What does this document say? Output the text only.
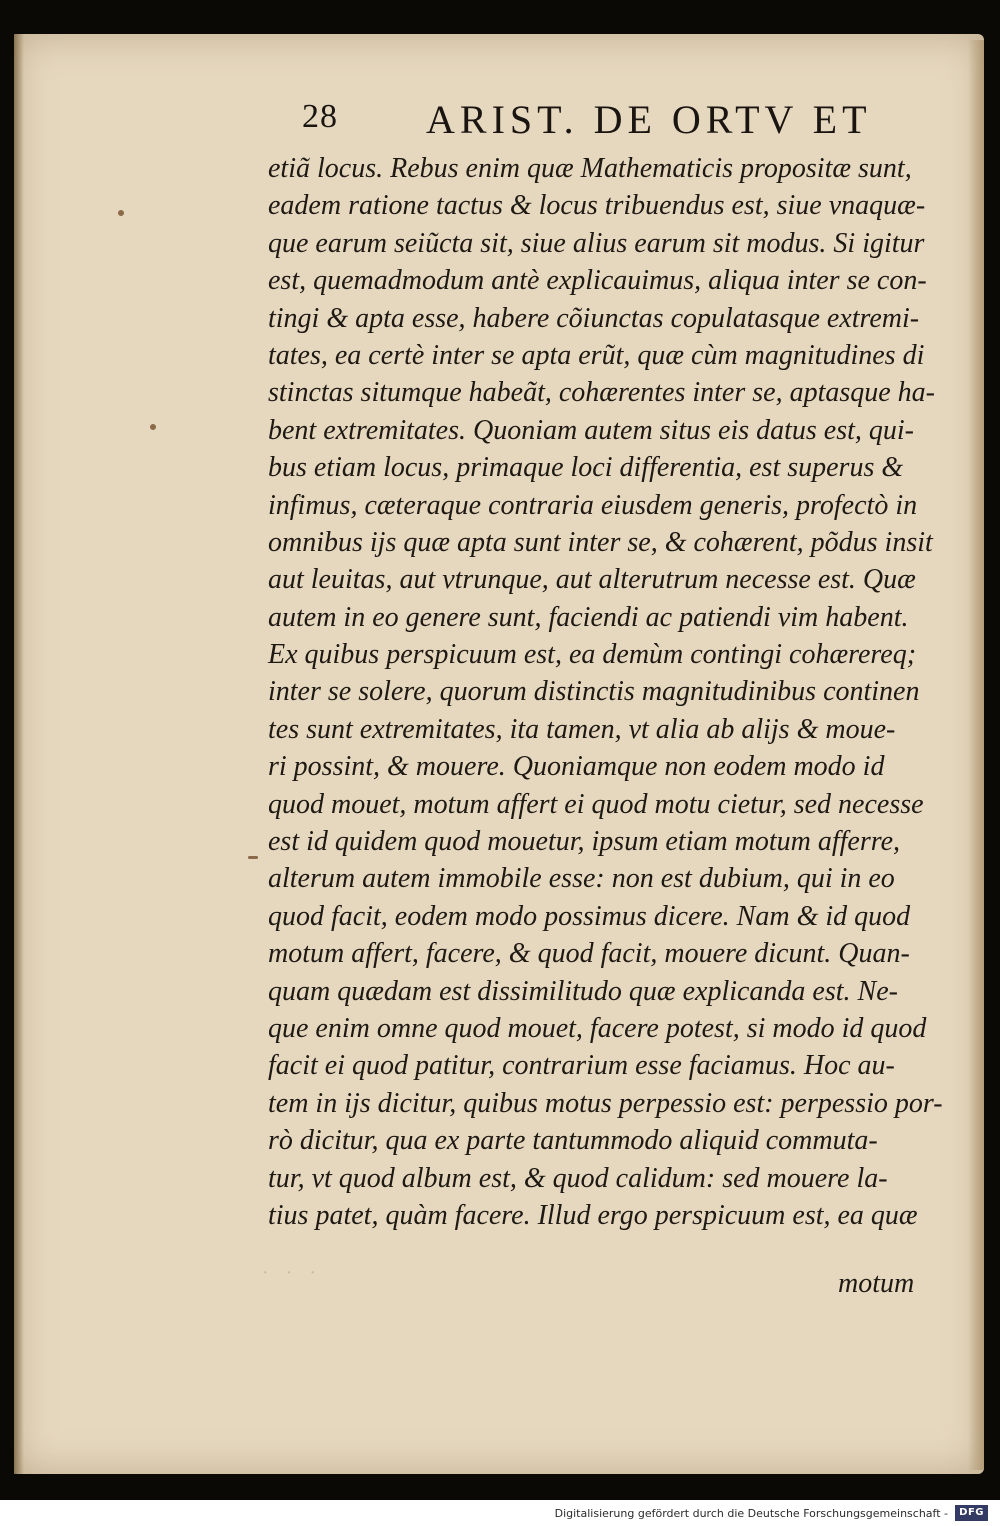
28 ARIST. DE ORTV ET
etiã locus. Rebus enim quæ Mathematicis propositæ sunt,
eadem ratione tactus & locus tribuendus est, siue vnaquæ-
que earum seiũcta sit, siue alius earum sit modus. Si igitur
est, quemadmodum antè explicauimus, aliqua inter se con-
tingi & apta esse, habere cõiunctas copulatasque extremi-
tates, ea certè inter se apta erũt, quæ cùm magnitudines di
stinctas situmque habeãt, cohærentes inter se, aptasque ha-
bent extremitates. Quoniam autem situs eis datus est, qui-
bus etiam locus, primaque loci differentia, est superus &
infimus, cæteraque contraria eiusdem generis, profectò in
omnibus ijs quæ apta sunt inter se, & cohærent, põdus insit
aut leuitas, aut vtrunque, aut alterutrum necesse est. Quæ
autem in eo genere sunt, faciendi ac patiendi vim habent.
Ex quibus perspicuum est, ea demùm contingi cohærereq;
inter se solere, quorum distinctis magnitudinibus continen
tes sunt extremitates, ita tamen, vt alia ab alijs & moue-
ri possint, & mouere. Quoniamque non eodem modo id
quod mouet, motum affert ei quod motu cietur, sed necesse
est id quidem quod mouetur, ipsum etiam motum afferre,
alterum autem immobile esse: non est dubium, qui in eo
quod facit, eodem modo possimus dicere. Nam & id quod
motum affert, facere, & quod facit, mouere dicunt. Quan-
quam quædam est dissimilitudo quæ explicanda est. Ne-
que enim omne quod mouet, facere potest, si modo id quod
facit ei quod patitur, contrarium esse faciamus. Hoc au-
tem in ijs dicitur, quibus motus perpessio est: perpessio por-
rò dicitur, qua ex parte tantummodo aliquid commuta-
tur, vt quod album est, & quod calidum: sed mouere la-
tius patet, quàm facere. Illud ergo perspicuum est, ea quæ
· · ·	motum
Digitalisierung gefördert durch die Deutsche Forschungsgemeinschaft -	DFG
